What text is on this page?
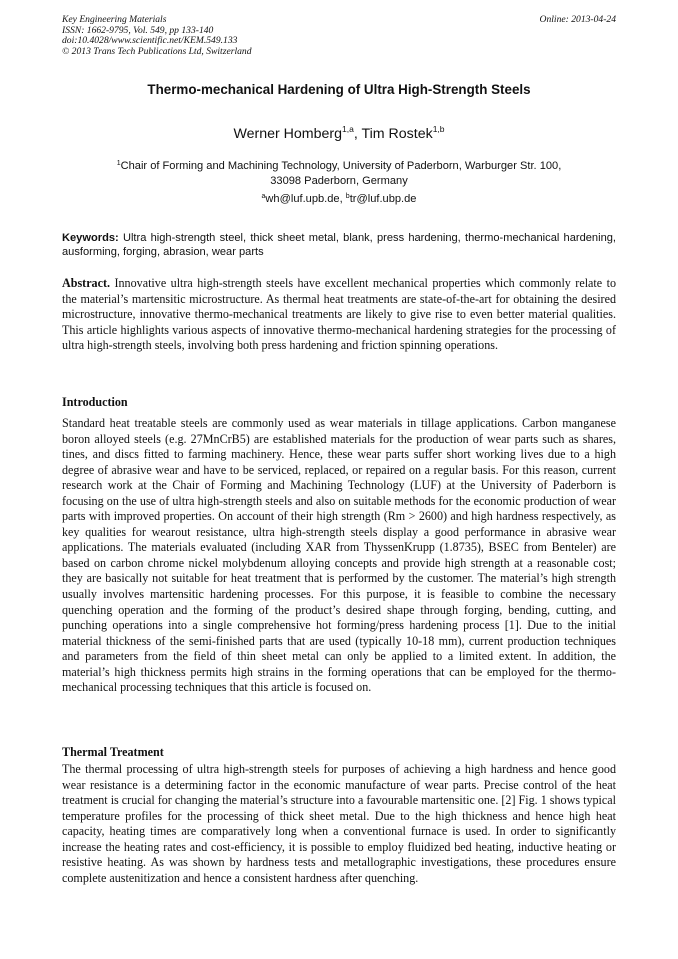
Key Engineering Materials
ISSN: 1662-9795, Vol. 549, pp 133-140
doi:10.4028/www.scientific.net/KEM.549.133
© 2013 Trans Tech Publications Ltd, Switzerland
Online: 2013-04-24
Thermo-mechanical Hardening of Ultra High-Strength Steels
Werner Homberg$^{1,a}$, Tim Rostek$^{1,b}$
$^1$Chair of Forming and Machining Technology, University of Paderborn, Warburger Str. 100,
33098 Paderborn, Germany
$^a$wh@luf.upb.de, $^b$tr@luf.ubp.de
Keywords: Ultra high-strength steel, thick sheet metal, blank, press hardening, thermo-mechanical hardening, ausforming, forging, abrasion, wear parts
Abstract. Innovative ultra high-strength steels have excellent mechanical properties which commonly relate to the material’s martensitic microstructure. As thermal heat treatments are state-of-the-art for obtaining the desired microstructure, innovative thermo-mechanical treatments are likely to give rise to even better material qualities. This article highlights various aspects of innovative thermo-mechanical hardening strategies for the processing of ultra high-strength steels, involving both press hardening and friction spinning operations.
Introduction
Standard heat treatable steels are commonly used as wear materials in tillage applications. Carbon manganese boron alloyed steels (e.g. 27MnCrB5) are established materials for the production of wear parts such as shares, tines, and discs fitted to farming machinery. Hence, these wear parts suffer short working lives due to a high degree of abrasive wear and have to be serviced, replaced, or repaired on a regular basis. For this reason, current research work at the Chair of Forming and Machining Technology (LUF) at the University of Paderborn is focusing on the use of ultra high-strength steels and also on suitable methods for the economic production of wear parts with improved properties. On account of their high strength (Rm > 2600) and high hardness respectively, as key qualities for wearout resistance, ultra high-strength steels display a good performance in abrasive wear applications. The materials evaluated (including XAR from ThyssenKrupp (1.8735), BSEC from Benteler) are based on carbon chrome nickel molybdenum alloying concepts and provide high strength at a reasonable cost; they are basically not suitable for heat treatment that is performed by the customer. The material’s high strength usually involves martensitic hardening processes. For this purpose, it is feasible to combine the necessary quenching operation and the forming of the product’s desired shape through forging, bending, cutting, and punching operations into a single comprehensive hot forming/press hardening process [1]. Due to the initial material thickness of the semi-finished parts that are used (typically 10-18 mm), current production techniques and parameters from the field of thin sheet metal can only be applied to a limited extent. In addition, the material’s high thickness permits high strains in the forming operations that can be employed for the thermo-mechanical processing techniques that this article is focused on.
Thermal Treatment
The thermal processing of ultra high-strength steels for purposes of achieving a high hardness and hence good wear resistance is a determining factor in the economic manufacture of wear parts. Precise control of the heat treatment is crucial for changing the material’s structure into a favourable martensitic one. [2] Fig. 1 shows typical temperature profiles for the processing of thick sheet metal. Due to the high thickness and hence high heat capacity, heating times are comparatively long when a conventional furnace is used. In order to significantly increase the heating rates and cost-efficiency, it is possible to employ fluidized bed heating, inductive heating or resistive heating. As was shown by hardness tests and metallographic investigations, these procedures ensure complete austenitization and hence a consistent hardness after quenching.
